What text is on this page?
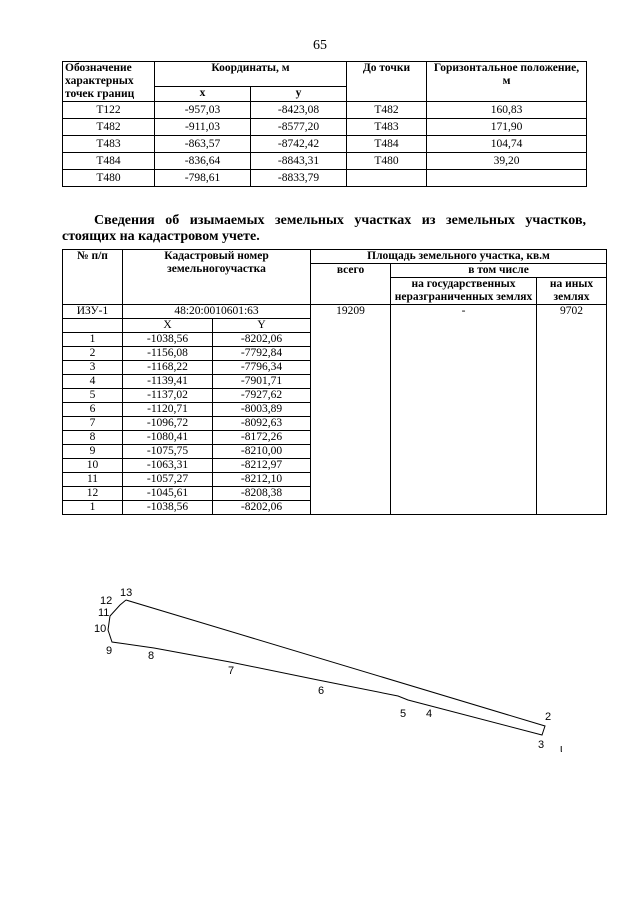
65
Обозначение характерных точек границ	Координаты, м		До точки	Горизонтальное положение, м
	x	y		
Т122	-957,03	-8423,08	Т482	160,83
Т482	-911,03	-8577,20	Т483	171,90
Т483	-863,57	-8742,42	Т484	104,74
Т484	-836,64	-8843,31	Т480	39,20
Т480	-798,61	-8833,79		
Сведения об изымаемых земельных участках из земельных участков, стоящих на кадастровом учете.
№ п/п	Кадастровый номер земельногоучастка		Площадь земельного участка, кв.м		
			всего	в том числе	
				на государственных неразграниченных землях	на иных землях
ИЗУ-1	48:20:0010601:63		19209	-	9702
	X	Y			
1	-1038,56	-8202,06			
2	-1156,08	-7792,84			
3	-1168,22	-7796,34			
4	-1139,41	-7901,71			
5	-1137,02	-7927,62			
6	-1120,71	-8003,89			
7	-1096,72	-8092,63			
8	-1080,41	-8172,26			
9	-1075,75	-8210,00			
10	-1063,31	-8212,97			
11	-1057,27	-8212,10			
12	-1045,61	-8208,38			
1	-1038,56	-8202,06			
13
12
11
10
9	8
7
6
5 4	2
3 ι
